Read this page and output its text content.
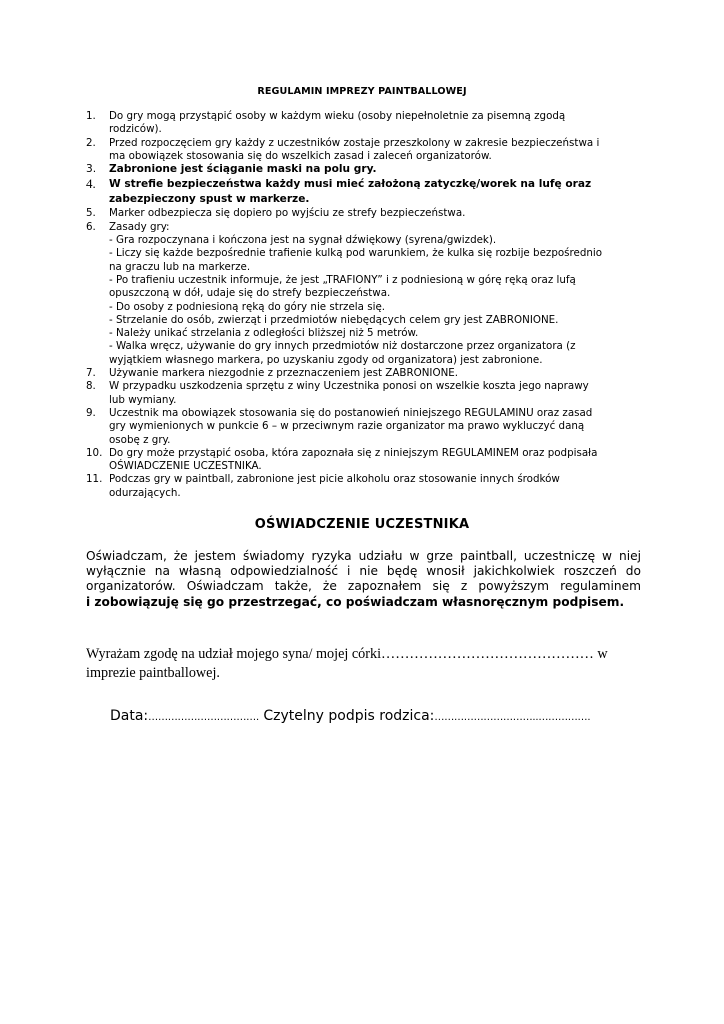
REGULAMIN IMPREZY PAINTBALLOWEJ
1. Do gry mogą przystąpić osoby w każdym wieku (osoby niepełnoletnie za pisemną zgodą
rodziców).
2. Przed rozpoczęciem gry każdy z uczestników zostaje przeszkolony w zakresie bezpieczeństwa i
ma obowiązek stosowania się do wszelkich zasad i zaleceń organizatorów.
3. Zabronione jest ściąganie maski na polu gry.
4. W strefie bezpieczeństwa każdy musi mieć założoną zatyczkę/worek na lufę oraz
zabezpieczony spust w markerze.
5. Marker odbezpiecza się dopiero po wyjściu ze strefy bezpieczeństwa.
6. Zasady gry:
- Gra rozpoczynana i kończona jest na sygnał dźwiękowy (syrena/gwizdek).
- Liczy się każde bezpośrednie trafienie kulką pod warunkiem, że kulka się rozbije bezpośrednio
na graczu lub na markerze.
- Po trafieniu uczestnik informuje, że jest „TRAFIONY” i z podniesioną w górę ręką oraz lufą
opuszczoną w dół, udaje się do strefy bezpieczeństwa.
- Do osoby z podniesioną ręką do góry nie strzela się.
- Strzelanie do osób, zwierząt i przedmiotów niebędących celem gry jest ZABRONIONE.
- Należy unikać strzelania z odległości bliższej niż 5 metrów.
- Walka wręcz, używanie do gry innych przedmiotów niż dostarczone przez organizatora (z
wyjątkiem własnego markera, po uzyskaniu zgody od organizatora) jest zabronione.
7. Używanie markera niezgodnie z przeznaczeniem jest ZABRONIONE.
8. W przypadku uszkodzenia sprzętu z winy Uczestnika ponosi on wszelkie koszta jego naprawy
lub wymiany.
9. Uczestnik ma obowiązek stosowania się do postanowień niniejszego REGULAMINU oraz zasad
gry wymienionych w punkcie 6 – w przeciwnym razie organizator ma prawo wykluczyć daną
osobę z gry.
10. Do gry może przystąpić osoba, która zapoznała się z niniejszym REGULAMINEM oraz podpisała
OŚWIADCZENIE UCZESTNIKA.
11. Podczas gry w paintball, zabronione jest picie alkoholu oraz stosowanie innych środków
odurzających.
OŚWIADCZENIE UCZESTNIKA
Oświadczam, że jestem świadomy ryzyka udziału w grze paintball, uczestniczę w niej
wyłącznie na własną odpowiedzialność i nie będę wnosił jakichkolwiek roszczeń do
organizatorów. Oświadczam także, że zapoznałem się z powyższym regulaminem
i zobowiązuję się go przestrzegać, co poświadczam własnoręcznym podpisem.
Wyrażam zgodę na udział mojego syna/ mojej córki……………………………………… w
imprezie paintballowej.
Data:……………………………. Czytelny podpis rodzica:…………………………..…………….
